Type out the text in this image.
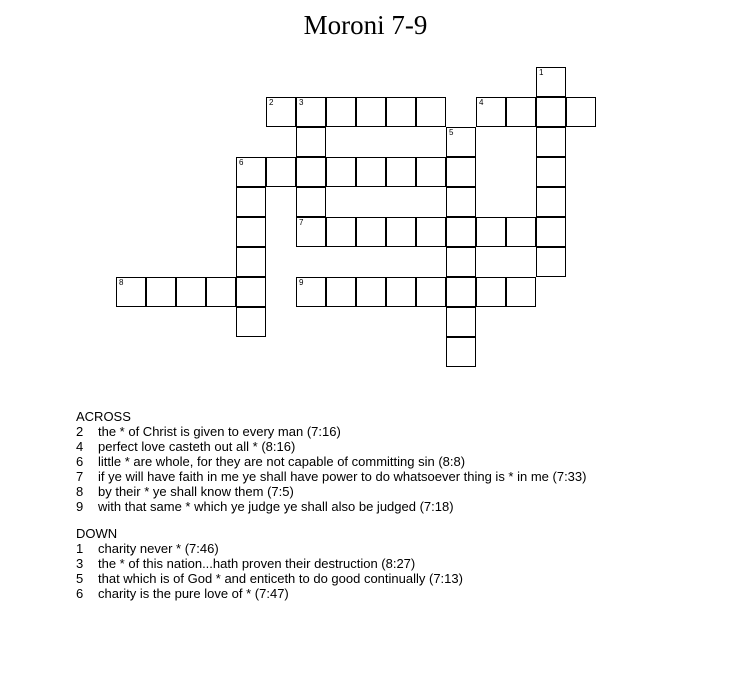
Moroni 7-9
2	3	4
6
7
8	9
1
5
ACROSS
2	the * of Christ is given to every man (7:16)
4	perfect love casteth out all * (8:16)
6	little * are whole, for they are not capable of committing sin (8:8)
7	if ye will have faith in me ye shall have power to do whatsoever thing is * in me (7:33)
8	by their * ye shall know them (7:5)
9	with that same * which ye judge ye shall also be judged (7:18)
DOWN
1	charity never * (7:46)
3	the * of this nation...hath proven their destruction (8:27)
5	that which is of God * and enticeth to do good continually (7:13)
6	charity is the pure love of * (7:47)
